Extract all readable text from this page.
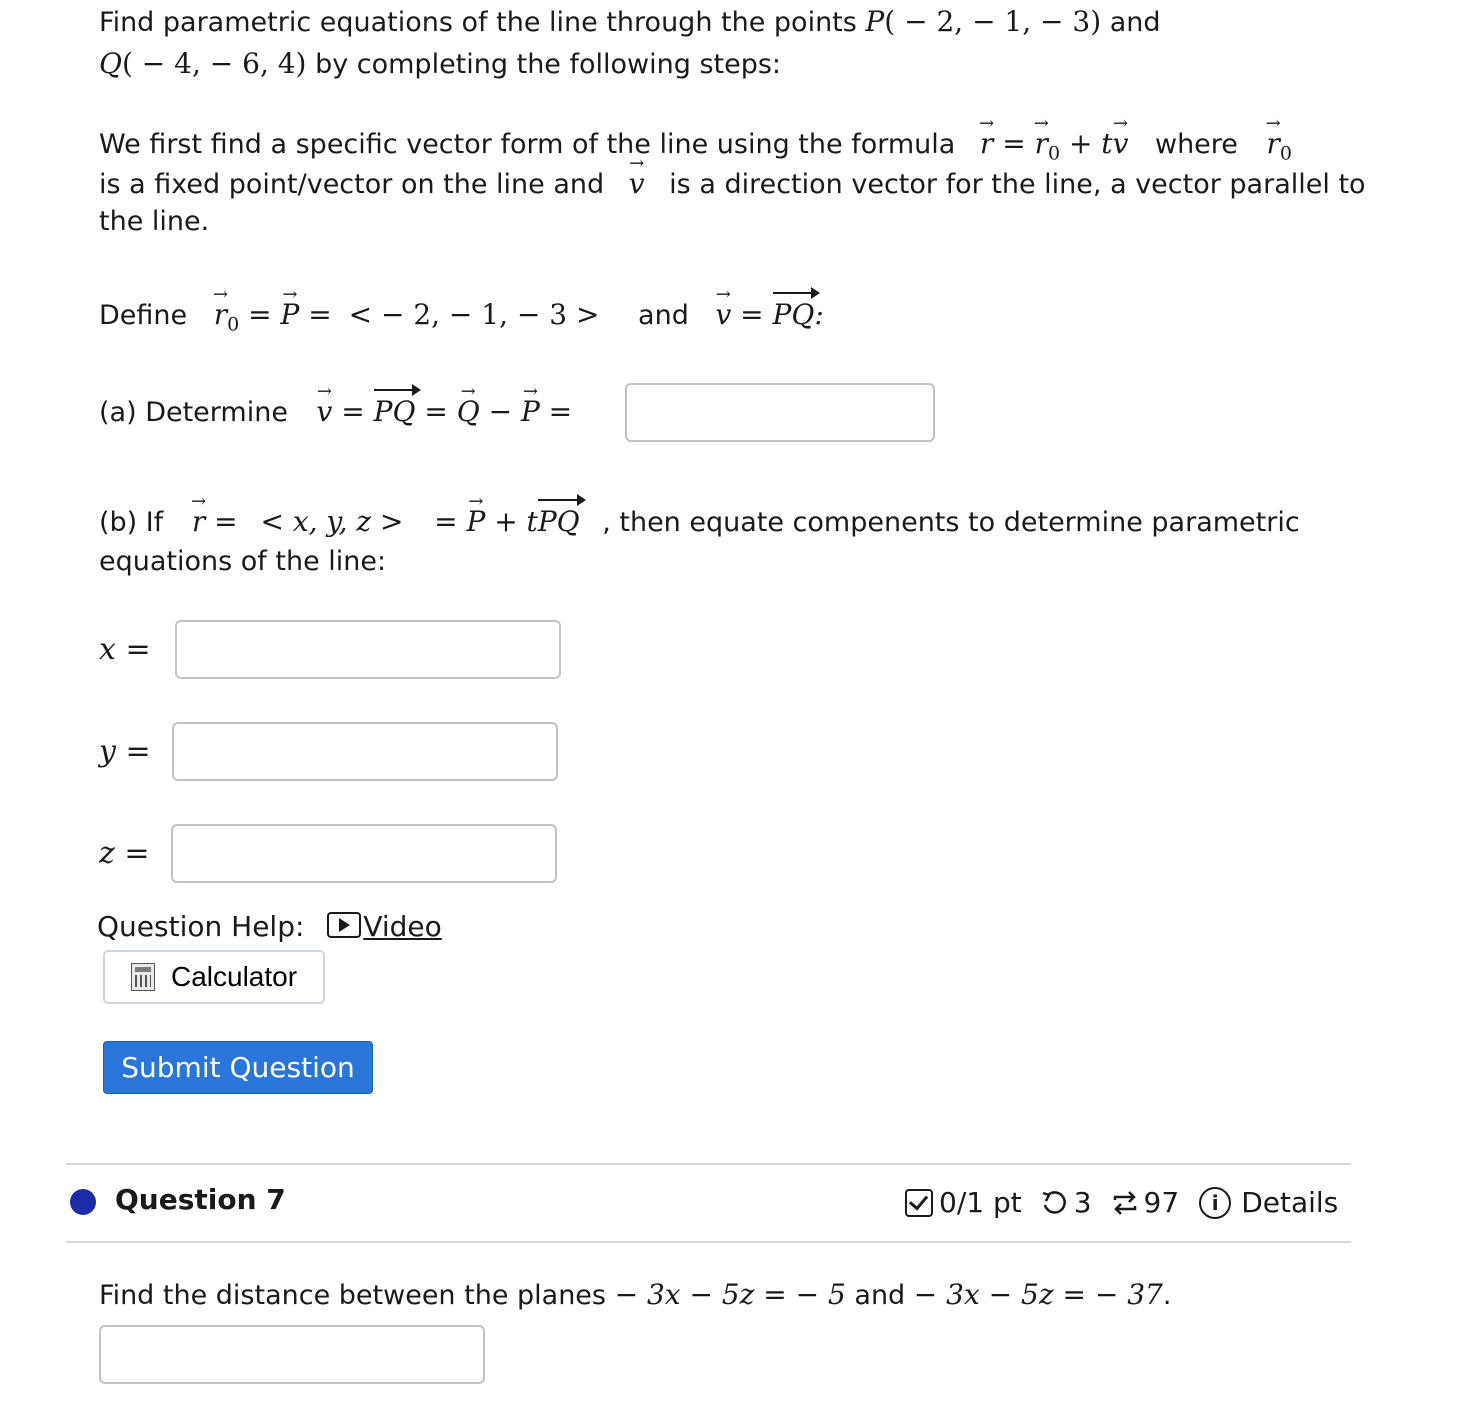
Find parametric equations of the line through the points P( − 2, − 1, − 3) and
Q( − 4, − 6, 4) by completing the following steps:
We first find a specific vector form of the line using the formula → r = → $r_0 + t\to v$ where → $r_0$
is a fixed point/vector on the line and → v is a direction vector for the line, a vector parallel to
the line.
Define → $r_0$ = → P = < − 2, − 1, − 3 > and → v = PQ:
(a) Determine → v = PQ = → Q − → P =
(b) If → r = < x, y, z > = → P + tPQ , then equate compenents to determine parametric
equations of the line:
x =
y =
z =
Question Help: Video
Calculator
Submit Question
Question 7	0/1 pt 3 97	i Details
Find the distance between the planes − 3x − 5z = − 5 and − 3x − 5z = − 37.
